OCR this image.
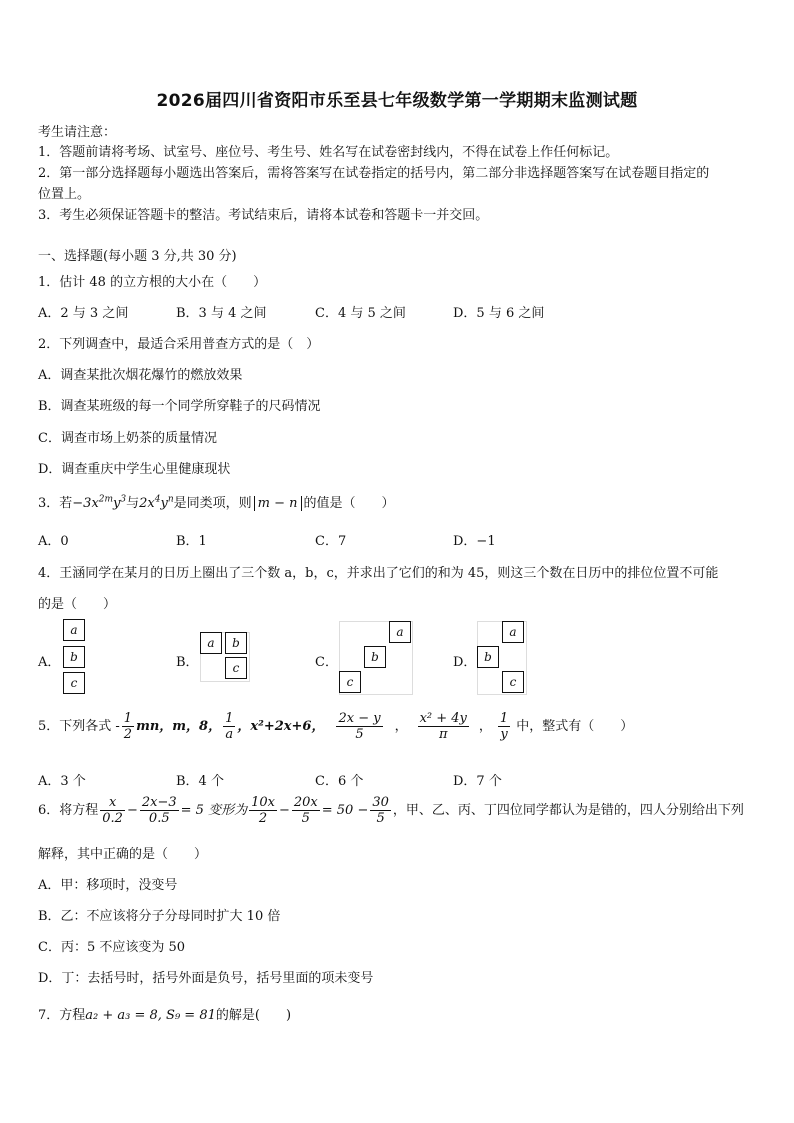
2026届四川省资阳市乐至县七年级数学第一学期期末监测试题
考生请注意：
1．答题前请将考场、试室号、座位号、考生号、姓名写在试卷密封线内，不得在试卷上作任何标记。
2．第一部分选择题每小题选出答案后，需将答案写在试卷指定的括号内，第二部分非选择题答案写在试卷题目指定的
位置上。
3．考生必须保证答题卡的整洁。考试结束后，请将本试卷和答题卡一并交回。
一、选择题(每小题 3 分,共 30 分)
1．估计 48 的立方根的大小在（　　）
A．2 与 3 之间	B．3 与 4 之间	C．4 与 5 之间	D．5 与 6 之间
2．下列调查中，最适合采用普查方式的是（　）
A．调查某批次烟花爆竹的燃放效果
B．调查某班级的每一个同学所穿鞋子的尺码情况
C．调查市场上奶茶的质量情况
D．调查重庆中学生心里健康现状
3．若$-3x^{2m}y^3$与$2x^4y^n$是同类项，则 m − n 的值是（　　）
A．0	B．1	C．7	D．−1
4．王涵同学在某月的日历上圈出了三个数 a，b，c，并求出了它们的和为 45，则这三个数在日历中的排位位置不可能
的是（　　）
A．
a
b
c
B．
a	b
c	C．
a
b
c
D．
a
b
c
5．下列各式 - $\frac{1}{2}$ mn，m，8， $\frac{1}{a}$ ，x²+2x+6， $\frac{2x - y}{5}$ ， $\frac{\text{x² + 4y}}{\pi}$ ， $\frac{1}{y}$ 中，整式有（　　）
A．3 个	B．4 个	C．6 个	D．7 个
6．将方程 $\frac{x}{0.2} - \frac{2x-3}{0.5} = 5$ 变形为 $\frac{10x}{2} - \frac{20x}{5} = 50 - \frac{30}{5}$ ，甲、乙、丙、丁四位同学都认为是错的，四人分别给出下列
解释，其中正确的是（　　）
A．甲：移项时，没变号
B．乙：不应该将分子分母同时扩大 10 倍
C．丙：5 不应该变为 50
D．丁：去括号时，括号外面是负号，括号里面的项未变号
7．方程a₂ + a₃ = 8, S₉ = 81的解是(　　)
